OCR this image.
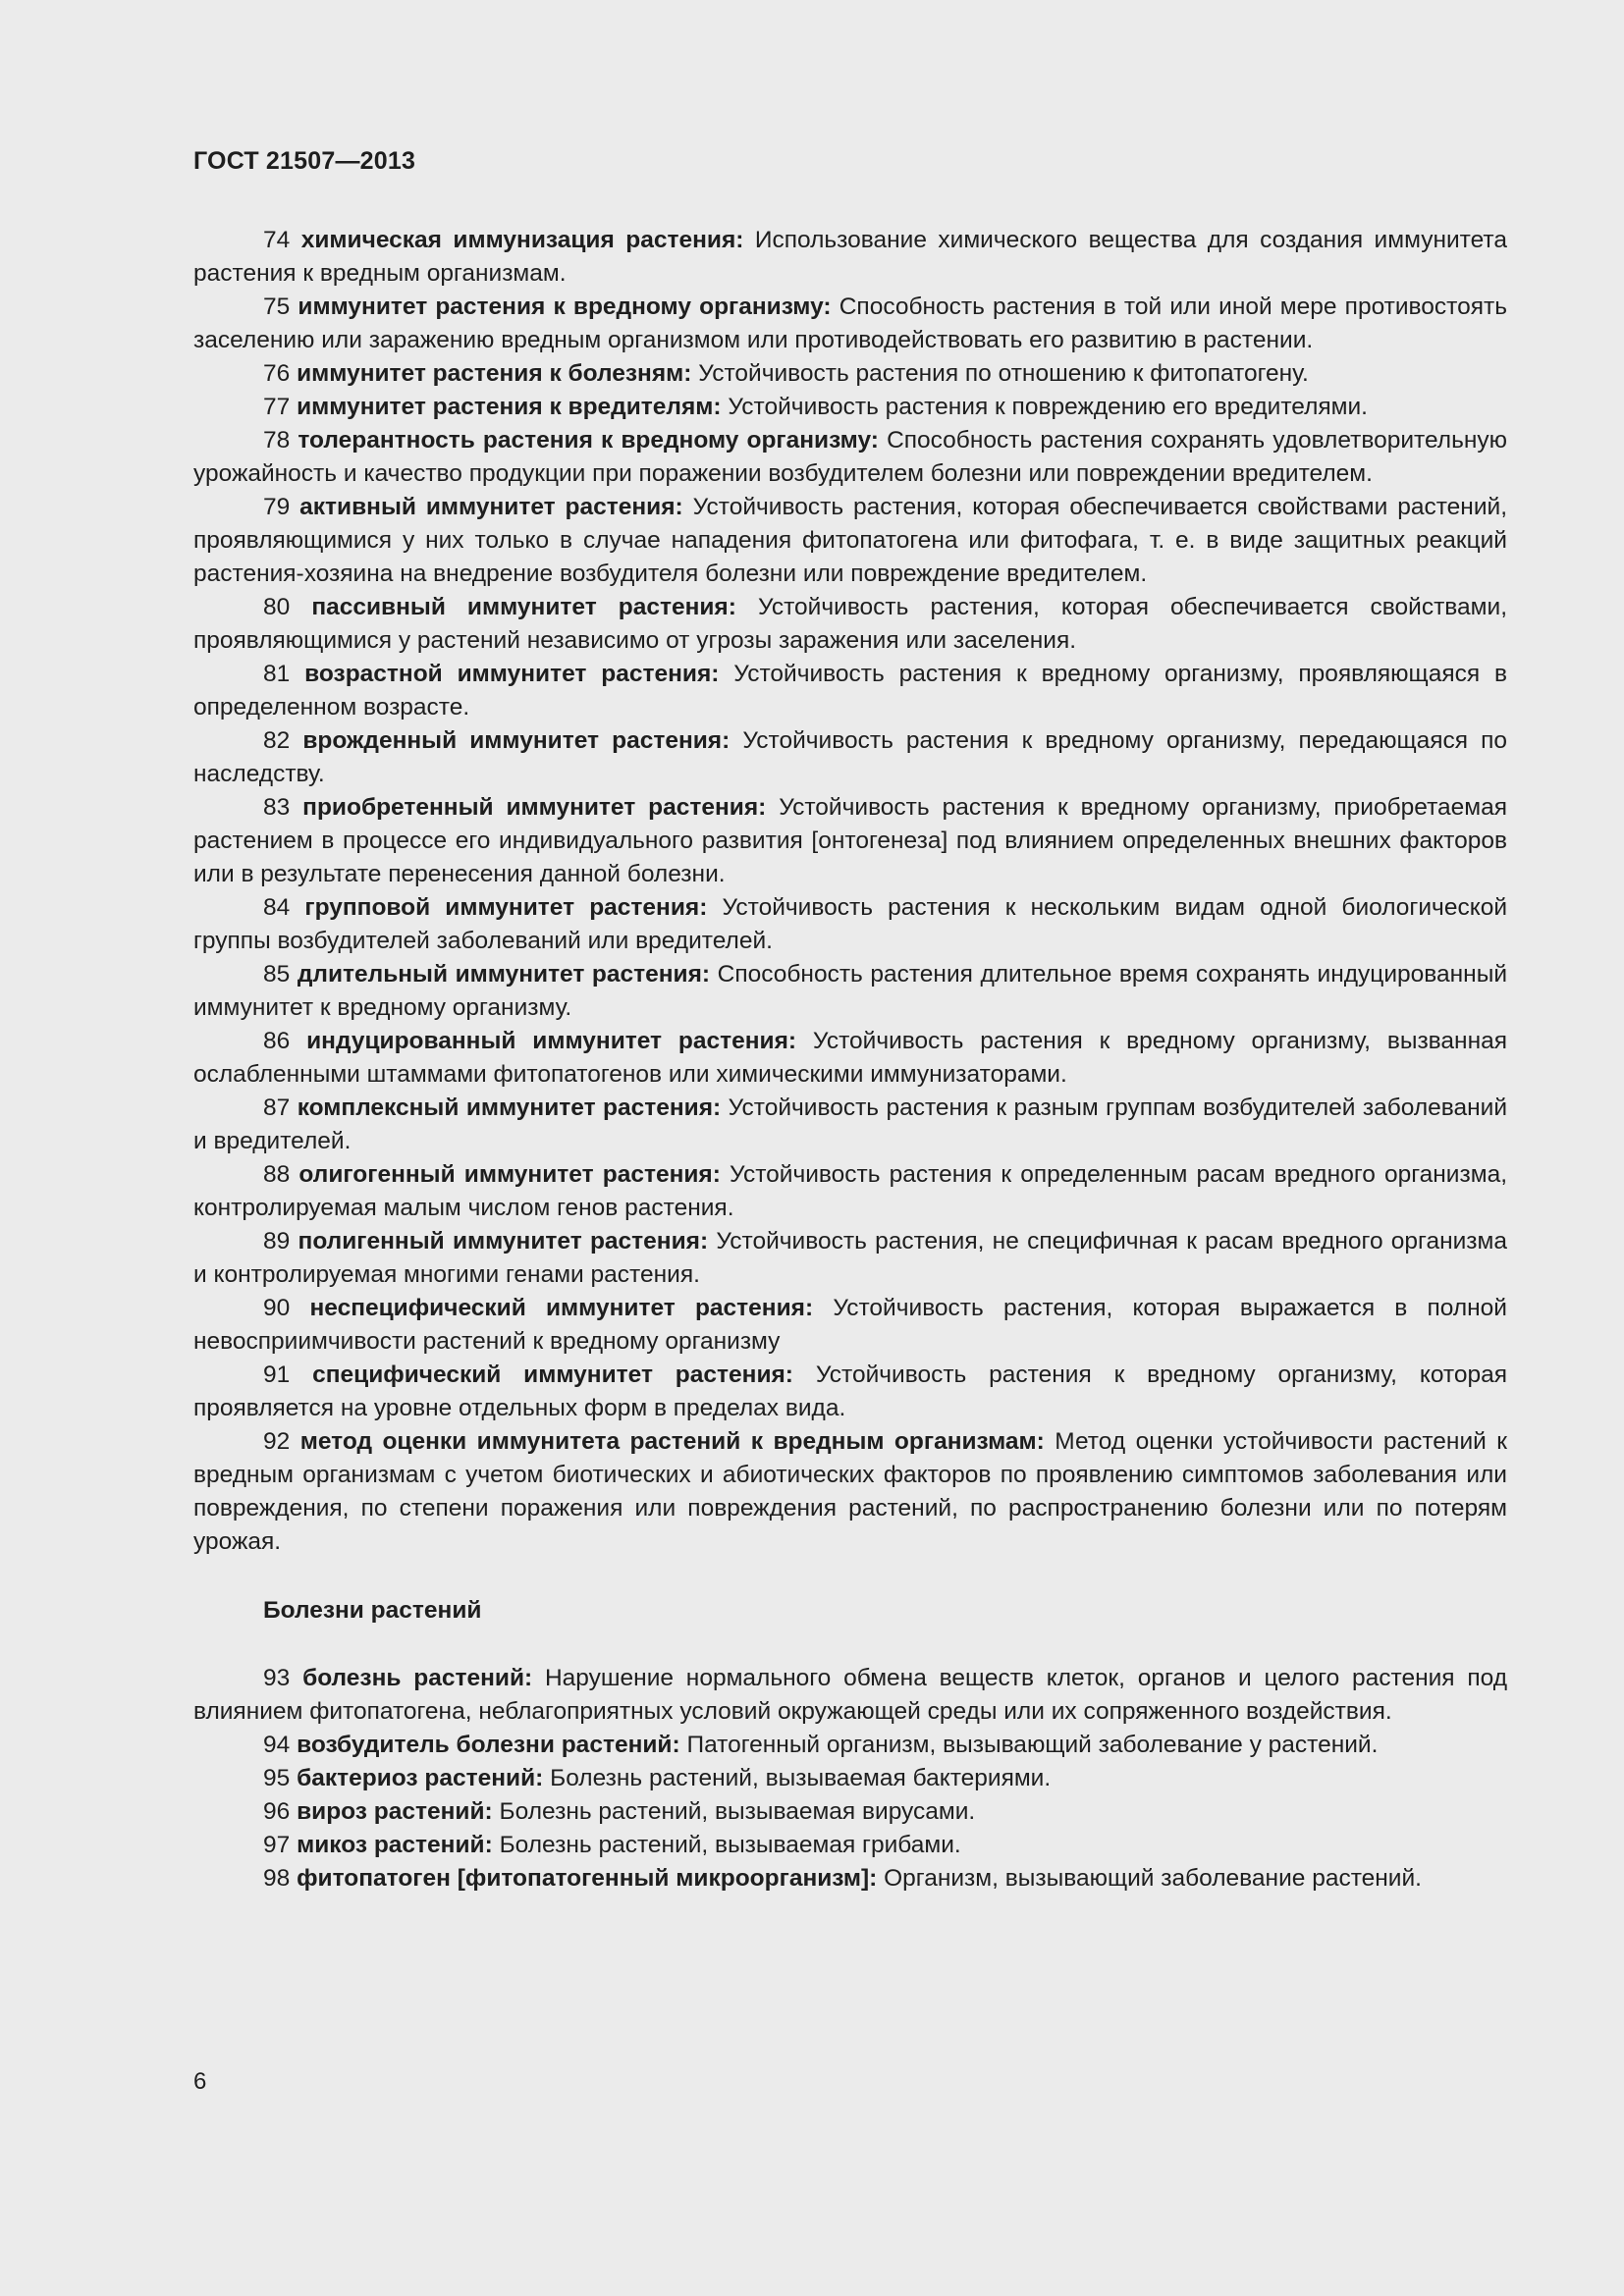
ГОСТ 21507—2013

74 химическая иммунизация растения: Использование химического вещества для создания иммунитета растения к вредным организмам.

75 иммунитет растения к вредному организму: Способность растения в той или иной мере противостоять заселению или заражению вредным организмом или противодействовать его развитию в растении.

76 иммунитет растения к болезням: Устойчивость растения по отношению к фитопатогену.

77 иммунитет растения к вредителям: Устойчивость растения к повреждению его вредителями.

78 толерантность растения к вредному организму: Способность растения сохранять удовлетворительную урожайность и качество продукции при поражении возбудителем болезни или повреждении вредителем.

79 активный иммунитет растения: Устойчивость растения, которая обеспечивается свойствами растений, проявляющимися у них только в случае нападения фитопатогена или фитофага, т. е. в виде защитных реакций растения-хозяина на внедрение возбудителя болезни или повреждение вредителем.

80 пассивный иммунитет растения: Устойчивость растения, которая обеспечивается свойствами, проявляющимися у растений независимо от угрозы заражения или заселения.

81 возрастной иммунитет растения: Устойчивость растения к вредному организму, проявляющаяся в определенном возрасте.

82 врожденный иммунитет растения: Устойчивость растения к вредному организму, передающаяся по наследству.

83 приобретенный иммунитет растения: Устойчивость растения к вредному организму, приобретаемая растением в процессе его индивидуального развития [онтогенеза] под влиянием определенных внешних факторов или в результате перенесения данной болезни.

84 групповой иммунитет растения: Устойчивость растения к нескольким видам одной биологической группы возбудителей заболеваний или вредителей.

85 длительный иммунитет растения: Способность растения длительное время сохранять индуцированный иммунитет к вредному организму.

86 индуцированный иммунитет растения: Устойчивость растения к вредному организму, вызванная ослабленными штаммами фитопатогенов или химическими иммунизаторами.

87 комплексный иммунитет растения: Устойчивость растения к разным группам возбудителей заболеваний и вредителей.

88 олигогенный иммунитет растения: Устойчивость растения к определенным расам вредного организма, контролируемая малым числом генов растения.

89 полигенный иммунитет растения: Устойчивость растения, не специфичная к расам вредного организма и контролируемая многими генами растения.

90 неспецифический иммунитет растения: Устойчивость растения, которая выражается в полной невосприимчивости растений к вредному организму

91 специфический иммунитет растения: Устойчивость растения к вредному организму, которая проявляется на уровне отдельных форм в пределах вида.

92 метод оценки иммунитета растений к вредным организмам: Метод оценки устойчивости растений к вредным организмам с учетом биотических и абиотических факторов по проявлению симптомов заболевания или повреждения, по степени поражения или повреждения растений, по распространению болезни или по потерям урожая.

Болезни растений

93 болезнь растений: Нарушение нормального обмена веществ клеток, органов и целого растения под влиянием фитопатогена, неблагоприятных условий окружающей среды или их сопряженного воздействия.

94 возбудитель болезни растений: Патогенный организм, вызывающий заболевание у растений.

95 бактериоз растений: Болезнь растений, вызываемая бактериями.

96 вироз растений: Болезнь растений, вызываемая вирусами.

97 микоз растений: Болезнь растений, вызываемая грибами.

98 фитопатоген [фитопатогенный микроорганизм]: Организм, вызывающий заболевание растений.

6
